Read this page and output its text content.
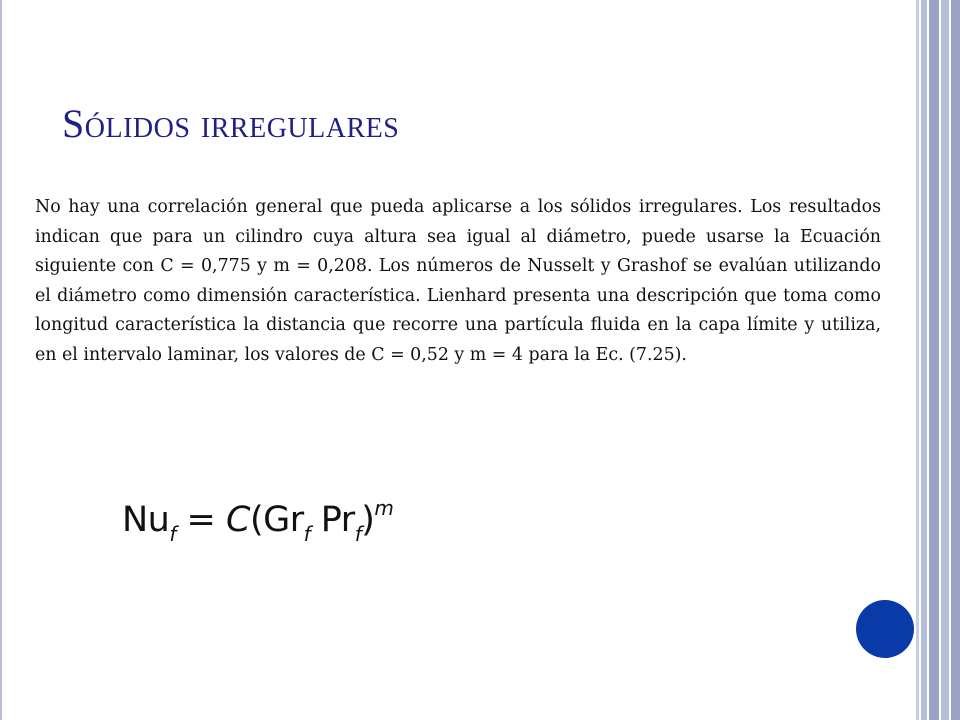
Sólidos irregulares
No hay una correlación general que pueda aplicarse a los sólidos irregulares. Los resultados indican que para un cilindro cuya altura sea igual al diámetro, puede usarse la Ecuación siguiente con C = 0,775 y m = 0,208. Los números de Nusselt y Grashof se evalúan utilizando el diámetro como dimensión característica. Lienhard presenta una descripción que toma como longitud característica la distancia que recorre una partícula fluida en la capa límite y utiliza, en el intervalo laminar, los valores de C = 0,52 y m = 4 para la Ec. (7.25).
$Nu_f = C(Gr_f$ $Pr_f)^m$
